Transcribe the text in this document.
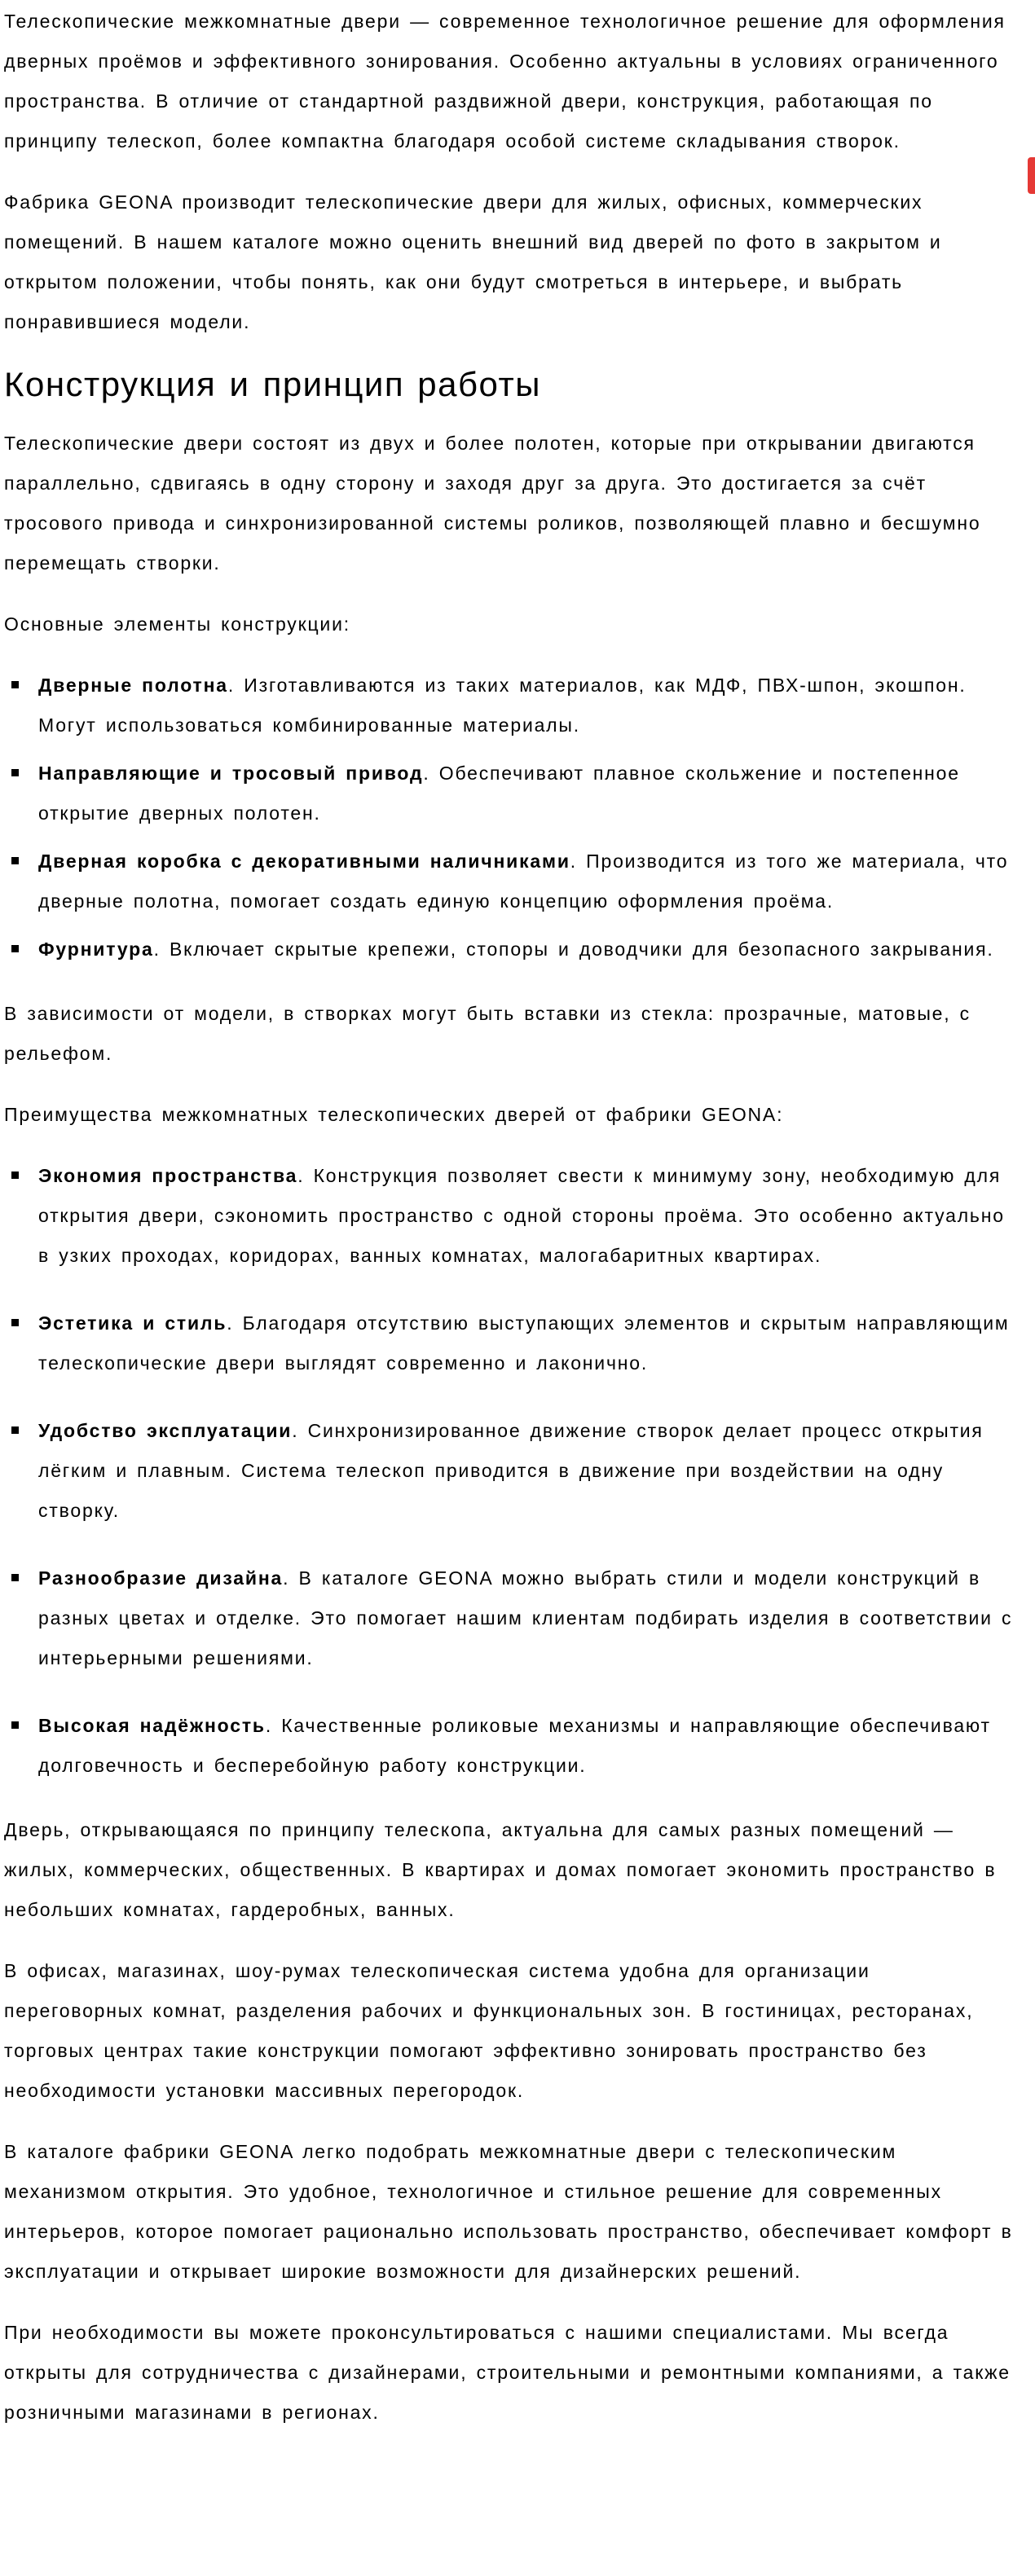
Телескопические межкомнатные двери — современное технологичное решение для оформления дверных проёмов и эффективного зонирования. Особенно актуальны в условиях ограниченного пространства. В отличие от стандартной раздвижной двери, конструкция, работающая по принципу телескоп, более компактна благодаря особой системе складывания створок.

Фабрика GEONA производит телескопические двери для жилых, офисных, коммерческих помещений. В нашем каталоге можно оценить внешний вид дверей по фото в закрытом и открытом положении, чтобы понять, как они будут смотреться в интерьере, и выбрать понравившиеся модели.

Конструкция и принцип работы

Телескопические двери состоят из двух и более полотен, которые при открывании двигаются параллельно, сдвигаясь в одну сторону и заходя друг за друга. Это достигается за счёт тросового привода и синхронизированной системы роликов, позволяющей плавно и бесшумно перемещать створки.

Основные элементы конструкции:

Дверные полотна. Изготавливаются из таких материалов, как МДФ, ПВХ-шпон, экошпон. Могут использоваться комбинированные материалы.
Направляющие и тросовый привод. Обеспечивают плавное скольжение и постепенное открытие дверных полотен.
Дверная коробка с декоративными наличниками. Производится из того же материала, что дверные полотна, помогает создать единую концепцию оформления проёма.
Фурнитура. Включает скрытые крепежи, стопоры и доводчики для безопасного закрывания.

В зависимости от модели, в створках могут быть вставки из стекла: прозрачные, матовые, с рельефом.

Преимущества межкомнатных телескопических дверей от фабрики GEONA:

Экономия пространства. Конструкция позволяет свести к минимуму зону, необходимую для открытия двери, сэкономить пространство с одной стороны проёма. Это особенно актуально в узких проходах, коридорах, ванных комнатах, малогабаритных квартирах.
Эстетика и стиль. Благодаря отсутствию выступающих элементов и скрытым направляющим телескопические двери выглядят современно и лаконично.
Удобство эксплуатации. Синхронизированное движение створок делает процесс открытия лёгким и плавным. Система телескоп приводится в движение при воздействии на одну створку.
Разнообразие дизайна. В каталоге GEONA можно выбрать стили и модели конструкций в разных цветах и отделке. Это помогает нашим клиентам подбирать изделия в соответствии с интерьерными решениями.
Высокая надёжность. Качественные роликовые механизмы и направляющие обеспечивают долговечность и бесперебойную работу конструкции.

Дверь, открывающаяся по принципу телескопа, актуальна для самых разных помещений — жилых, коммерческих, общественных. В квартирах и домах помогает экономить пространство в небольших комнатах, гардеробных, ванных.

В офисах, магазинах, шоу-румах телескопическая система удобна для организации переговорных комнат, разделения рабочих и функциональных зон. В гостиницах, ресторанах, торговых центрах такие конструкции помогают эффективно зонировать пространство без необходимости установки массивных перегородок.

В каталоге фабрики GEONA легко подобрать межкомнатные двери с телескопическим механизмом открытия. Это удобное, технологичное и стильное решение для современных интерьеров, которое помогает рационально использовать пространство, обеспечивает комфорт в эксплуатации и открывает широкие возможности для дизайнерских решений.

При необходимости вы можете проконсультироваться с нашими специалистами. Мы всегда открыты для сотрудничества с дизайнерами, строительными и ремонтными компаниями, а также розничными магазинами в регионах.
